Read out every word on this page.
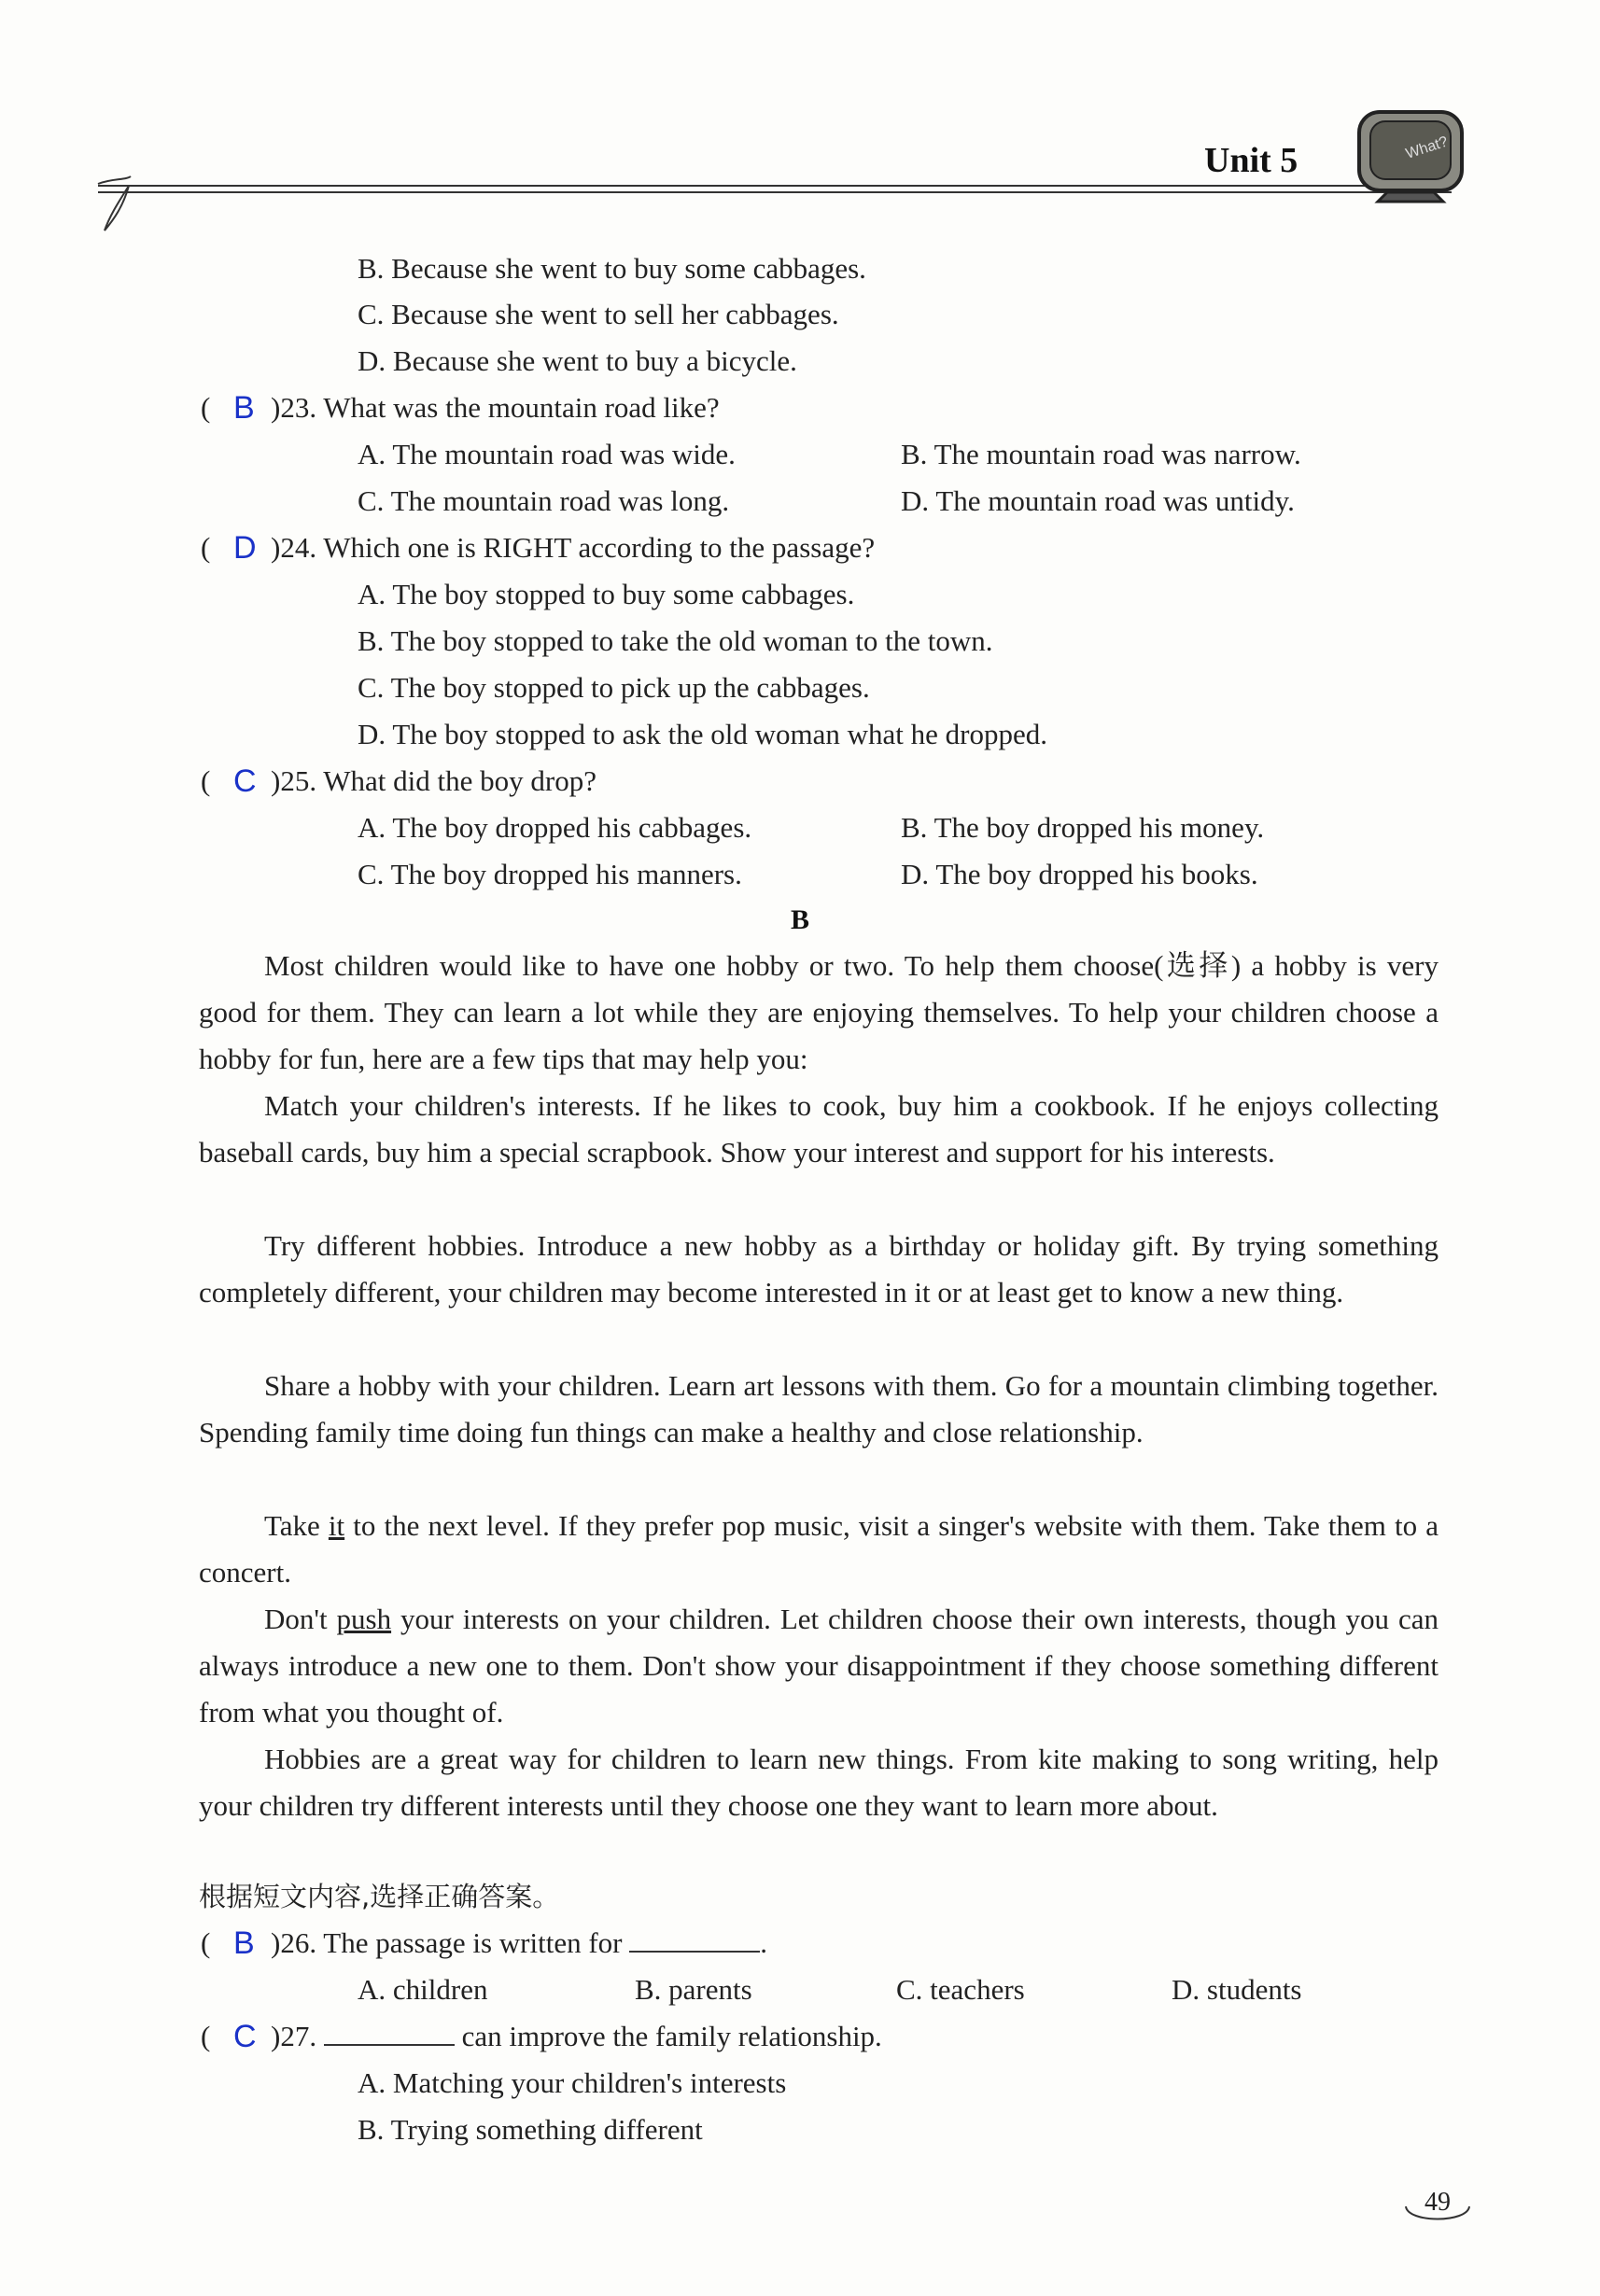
Unit 5	What?
B. Because she went to buy some cabbages.
C. Because she went to sell her cabbages.
D. Because she went to buy a bicycle.
( B )23. What was the mountain road like?
A. The mountain road was wide.	B. The mountain road was narrow.
C. The mountain road was long.	D. The mountain road was untidy.
( D )24. Which one is RIGHT according to the passage?
A. The boy stopped to buy some cabbages.
B. The boy stopped to take the old woman to the town.
C. The boy stopped to pick up the cabbages.
D. The boy stopped to ask the old woman what he dropped.
( C )25. What did the boy drop?
A. The boy dropped his cabbages.	B. The boy dropped his money.
C. The boy dropped his manners.	D. The boy dropped his books.
B
Most children would like to have one hobby or two. To help them choose(选择) a hobby is very good for them. They can learn a lot while they are enjoying themselves. To help your children choose a hobby for fun, here are a few tips that may help you:
Match your children's interests. If he likes to cook, buy him a cookbook. If he enjoys collecting baseball cards, buy him a special scrapbook. Show your interest and support for his interests.
Try different hobbies. Introduce a new hobby as a birthday or holiday gift. By trying something completely different, your children may become interested in it or at least get to know a new thing.
Share a hobby with your children. Learn art lessons with them. Go for a mountain climbing together. Spending family time doing fun things can make a healthy and close relationship.
Take it to the next level. If they prefer pop music, visit a singer's website with them. Take them to a concert.
Don't push your interests on your children. Let children choose their own interests, though you can always introduce a new one to them. Don't show your disappointment if they choose something different from what you thought of.
Hobbies are a great way for children to learn new things. From kite making to song writing, help your children try different interests until they choose one they want to learn more about.
根据短文内容,选择正确答案。
( B )26. The passage is written for	.
A. children	B. parents	C. teachers	D. students
( C )27.	can improve the family relationship.
A. Matching your children's interests
B. Trying something different
49
